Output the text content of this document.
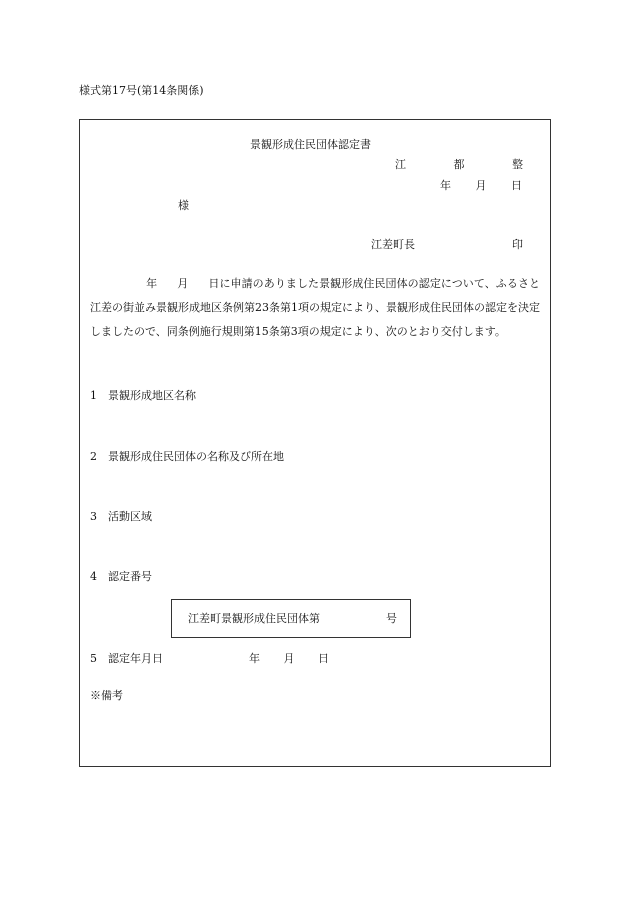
様式第17号(第14条関係)
景観形成住民団体認定書
江	都	整
年 月 日
様
江差町長	印
年 月 日に申請のありました景観形成住民団体の認定について、ふるさと江差の街並み景観形成地区条例第23条第1項の規定により、景観形成住民団体の認定を決定しましたので、同条例施行規則第15条第3項の規定により、次のとおり交付します。
1 景観形成地区名称
2 景観形成住民団体の名称及び所在地
3 活動区域
4 認定番号
江差町景観形成住民団体第	号
5 認定年月日	年 月 日
※備考
